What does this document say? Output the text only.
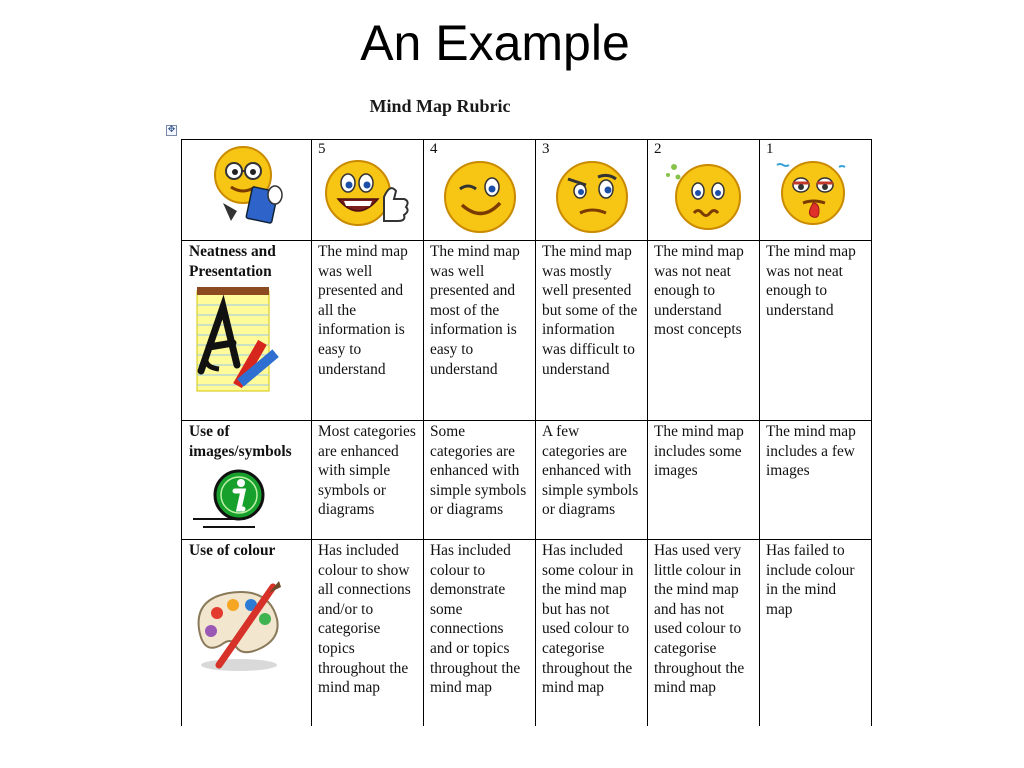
An Example
Mind Map Rubric
✥

5	4	3	2	1

Neatness and Presentation	The mind map was well presented and all the information is easy to understand	The mind map was well presented and most of the information is easy to understand	The mind map was mostly well presented but some of the information was difficult to understand	The mind map was not neat enough to understand most concepts	The mind map was not neat enough to understand

Use of images/symbols	Most categories are enhanced with simple symbols or diagrams	Some categories are enhanced with simple symbols or diagrams	A few categories are enhanced with simple symbols or diagrams	The mind map includes some images	The mind map includes a few images

Use of colour	Has included colour to show all connections and/or to categorise topics throughout the mind map	Has included colour to demonstrate some connections and or topics throughout the mind map	Has included some colour in the mind map but has not used colour to categorise throughout the mind map	Has used very little colour in the mind map and has not used colour to categorise throughout the mind map	Has failed to include colour in the mind map
